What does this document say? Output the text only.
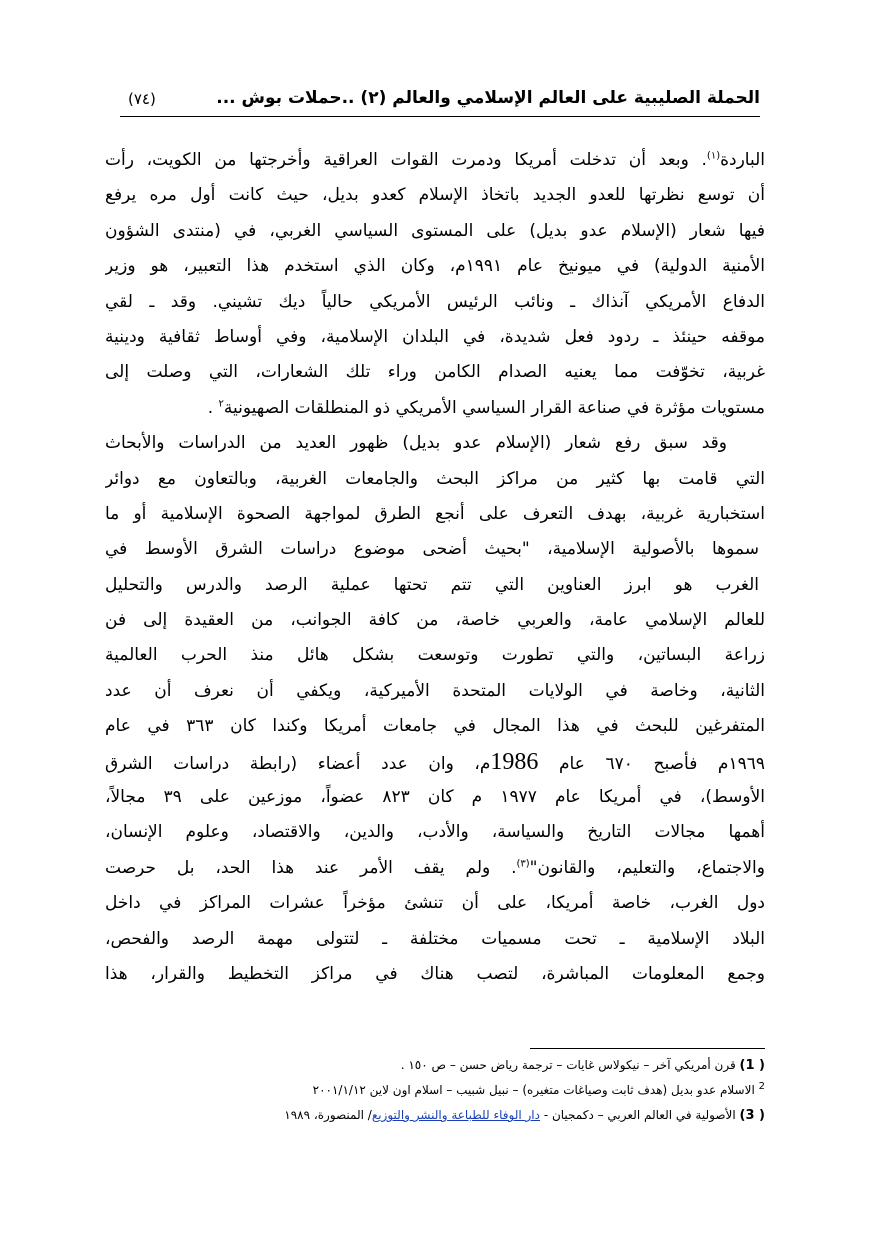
الحملة الصليبية على العالم الإسلامي والعالم (٢) ..حملات بوش ...
(٧٤)
الباردة$^{(١)}$. وبعد أن تدخلت أمريكا ودمرت القوات العراقية وأخرجتها من الكويت، رأت
أن توسع نظرتها للعدو الجديد باتخاذ الإسلام كعدو بديل، حيث كانت أول مره يرفع
فيها شعار (الإسلام عدو بديل) على المستوى السياسي الغربي، في (منتدى الشؤون
الأمنية الدولية) في ميونيخ عام ١٩٩١م، وكان الذي استخدم هذا التعبير، هو وزير
الدفاع الأمريكي آنذاك ـ ونائب الرئيس الأمريكي حالياً ديك تشيني. وقد ـ لقي
موقفه حينئذ ـ ردود فعل شديدة، في البلدان الإسلامية، وفي أوساط ثقافية ودينية
غربية، تخوّفت مما يعنيه الصدام الكامن وراء تلك الشعارات، التي وصلت إلى
مستويات مؤثرة في صناعة القرار السياسي الأمريكي ذو المنطلقات الصهيونية$^٢$ .
وقد سبق رفع شعار (الإسلام عدو بديل) ظهور العديد من الدراسات والأبحاث
التي قامت بها كثير من مراكز البحث والجامعات الغربية، وبالتعاون مع دوائر
استخبارية غربية، بهدف التعرف على أنجع الطرق لمواجهة الصحوة الإسلامية أو ما
سموها بالأصولية الإسلامية، "بحيث أضحى موضوع دراسات الشرق الأوسط في
الغرب هو ابرز العناوين التي تتم تحتها عملية الرصد والدرس والتحليل
للعالم الإسلامي عامة، والعربي خاصة، من كافة الجوانب، من العقيدة إلى فن
زراعة البساتين، والتي تطورت وتوسعت بشكل هائل منذ الحرب العالمية
الثانية، وخاصة في الولايات المتحدة الأميركية، ويكفي أن نعرف أن عدد
المتفرغين للبحث في هذا المجال في جامعات أمريكا وكندا كان ٣٦٣ في عام
١٩٦٩م فأصبح ٦٧٠ عام 1986م، وان عدد أعضاء (رابطة دراسات الشرق
الأوسط)، في أمريكا عام ١٩٧٧ م كان ٨٢٣ عضواً، موزعين على ٣٩ مجالاً،
أهمها مجالات التاريخ والسياسة، والأدب، والدين، والاقتصاد، وعلوم الإنسان،
والاجتماع، والتعليم، والقانون"$^{(٣)}$. ولم يقف الأمر عند هذا الحد، بل حرصت
دول الغرب، خاصة أمريكا، على أن تنشئ مؤخراً عشرات المراكز في داخل
البلاد الإسلامية ـ تحت مسميات مختلفة ـ لتتولى مهمة الرصد والفحص،
وجمع المعلومات المباشرة، لتصب هناك في مراكز التخطيط والقرار، هذا
( 1) قرن أمريكي آخر – نيكولاس غايات – ترجمة رياض حسن – ص ١٥٠ .
$^2$ الاسلام عدو بديل (هدف ثابت وصياغات متغيره) – نبيل شبيب – اسلام اون لاين ٢٠٠١/١/١٢
( 3) الأصولية في العالم العربي – دكمجيان - دار الوفاء للطباعة والنشر والتوزيع/ المنصورة، ١٩٨٩
